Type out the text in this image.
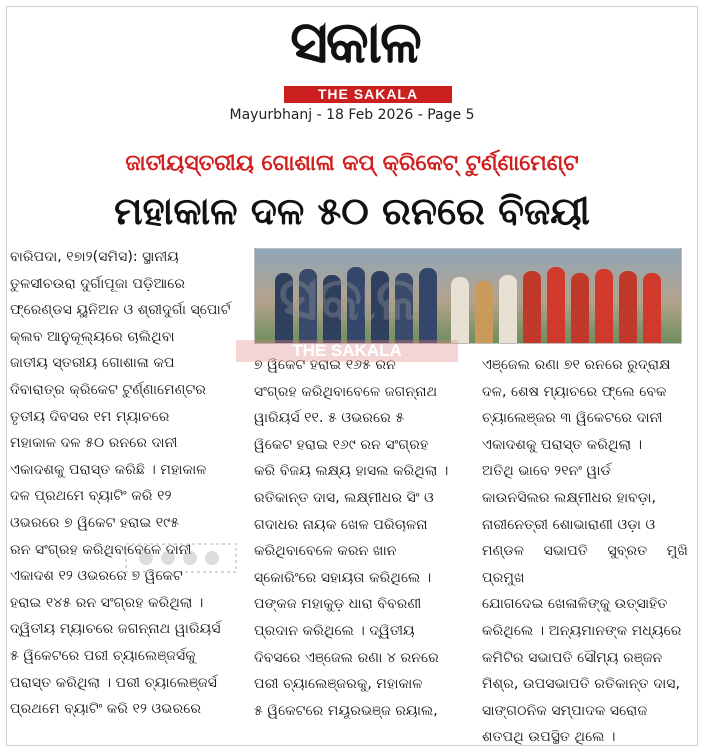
ସକାଳ
THE SAKALA
Mayurbhanj - 18 Feb 2026 - Page 5
ଜାତୀୟସ୍ତରୀୟ ଗୋଶାଳା କପ୍ କ୍ରିକେଟ୍ ଟୁର୍ଣ୍ଣାମେଣ୍ଟ
ମହାକାଳ ଦଳ ୫୦ ରନରେ ବିଜୟୀ

ବାରିପଦା, ୧୭ା୨(ସମିସ): ସ୍ଥାନୀୟ

ତୁଳସୀଚଉରା ଦୁର୍ଗାପୂଜା ପଡ଼ିଆରେ

ଫ୍ରେଣ୍ଡସ ୟୁନିଅନ ଓ ଶ୍ରୀଦୁର୍ଗା ସ୍ପୋର୍ଟ

କ୍ଲବ ଆନୁକୂଲ୍ୟରେ ଚାଲିଥିବା

ଜାତୀୟ ସ୍ତରୀୟ ଗୋଶାଳା କପ

ଦିବାରାତ୍ର କ୍ରିକେଟ ଟୁର୍ଣ୍ଣାମେଣ୍ଟର

ତୃତୀୟ ଦିବସର ୧ମ ମ୍ୟାଚରେ

ମହାକାଳ ଦଳ ୫୦ ରନରେ ଦାନୀ

ଏକାଦଶକୁ ପରାସ୍ତ କରିଛି । ମହାକାଳ

ଦଳ ପ୍ରଥମେ ବ୍ୟାଟିଂ କରି ୧୨

ଓଭରରେ ୭ ୱିକେଟ ହରାଇ ୧୯୫

ରନ ସଂଗ୍ରହ କରିଥିବାବେଳେ ଦାନୀ

ଏକାଦଶ ୧୨ ଓଭରରେ ୭ ୱିକେଟ

ହରାଇ ୧୪୫ ରନ ସଂଗ୍ରହ କରିଥିଲା ।

ଦ୍ୱିତୀୟ ମ୍ୟାଚରେ ଜଗନ୍ନାଥ ୱାରିୟର୍ସ

୫ ୱିକେଟରେ ପରୀ ଚ୍ୟାଲେଞ୍ଜର୍ସକୁ

ପରାସ୍ତ କରିଥିଲା । ପରୀ ଚ୍ୟାଲେଞ୍ଜର୍ସ

ପ୍ରଥମେ ବ୍ୟାଟିଂ କରି ୧୨ ଓଭରରେ

୭ ୱିକେଟ ହରାଇ ୧୬୫ ରନ

ସଂଗ୍ରହ କରିଥିବାବେଳେ ଜଗନ୍ନାଥ

ୱାରିୟର୍ସ ୧୧. ୫ ଓଭରରେ ୫

ୱିକେଟ ହରାଇ ୧୬୯ ରନ ସଂଗ୍ରହ

କରି ବିଜୟ ଲକ୍ଷ୍ୟ ହାସଲ କରିଥିଲା ।

ରତିକାନ୍ତ ଦାସ, ଲକ୍ଷ୍ମୀଧର ସିଂ ଓ

ଗଦାଧର ନାୟକ ଖେଳ ପରିଚାଳନା

କରିଥିବାବେଳେ କରନ ଖାନ

ସ୍କୋରିଂରେ ସହାୟତା କରିଥିଲେ ।

ପଙ୍କଜ ମହାକୁଡ଼ ଧାରା ବିବରଣୀ

ପ୍ରଦାନ କରିଥିଲେ । ଦ୍ୱିତୀୟ

ଦିବସରେ ଏଞ୍ଜେଲ ରଣା ୪ ରନରେ

ପରୀ ଚ୍ୟାଲେଞ୍ଜରକୁ, ମହାକାଳ

୫ ୱିକେଟରେ ମୟୂରଭଞ୍ଜ ରୟାଲ,

ଏଞ୍ଜେଲ ରଣା ୭୧ ରନରେ ରୁଦ୍ରାକ୍ଷ

ଦଳ, ଶେଷ ମ୍ୟାଚରେ ଫ୍ଲେ ବେକ

ଚ୍ୟାଲେଞ୍ଜର ୩ ୱିକେଟରେ ଦାନୀ

ଏକାଦଶକୁ ପରାସ୍ତ କରିଥିଲା ।

ଅତିଥି ଭାବେ ୨୧ନଂ ୱାର୍ଡ

କାଉନସିଲର ଲକ୍ଷ୍ମୀଧର ହାବଡ଼ା,

ନାରୀନେତ୍ରୀ ଶୋଭାରାଣୀ ଓଡ଼ା ଓ

ମଣ୍ଡଳ ସଭାପତି ସୁବ୍ରତ ମୁଖି ପ୍ରମୁଖ

ଯୋଗଦେଇ ଖେଳାଳିଙ୍କୁ ଉତ୍ସାହିତ

କରିଥିଲେ । ଅନ୍ୟମାନଙ୍କ ମଧ୍ୟରେ

କମିଟିର ସଭାପତି ସୌମ୍ୟ ରଞ୍ଜନ

ମିଶ୍ର, ଉପସଭାପତି ରତିକାନ୍ତ ଦାସ,

ସାଙ୍ଗଠନିକ ସମ୍ପାଦକ ସରୋଜ

ଶତପଥି ଉପସ୍ଥିତ ଥିଲେ ।

ସକାଳ
THE SAKALA
